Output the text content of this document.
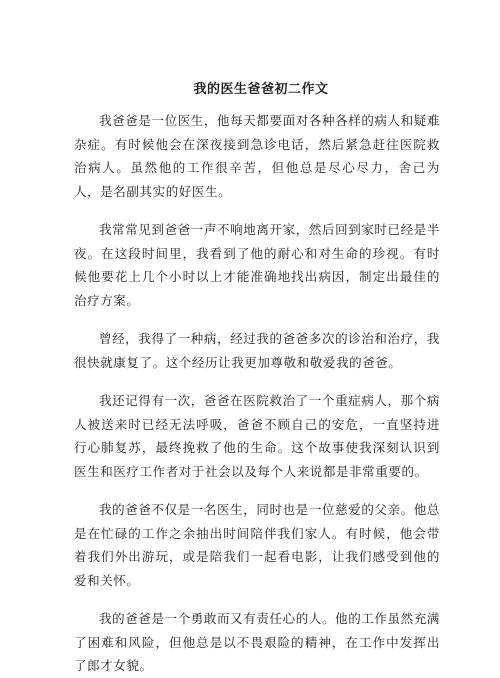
我的医生爸爸初二作文

我爸爸是一位医生，他每天都要面对各种各样的病人和疑难杂症。有时候他会在深夜接到急诊电话，然后紧急赶往医院救治病人。虽然他的工作很辛苦，但他总是尽心尽力，舍己为人，是名副其实的好医生。

我常常见到爸爸一声不响地离开家，然后回到家时已经是半夜。在这段时间里，我看到了他的耐心和对生命的珍视。有时候他要花上几个小时以上才能准确地找出病因，制定出最佳的治疗方案。

曾经，我得了一种病，经过我的爸爸多次的诊治和治疗，我很快就康复了。这个经历让我更加尊敬和敬爱我的爸爸。

我还记得有一次，爸爸在医院救治了一个重症病人，那个病人被送来时已经无法呼吸，爸爸不顾自己的安危，一直坚持进行心肺复苏，最终挽救了他的生命。这个故事使我深刻认识到医生和医疗工作者对于社会以及每个人来说都是非常重要的。

我的爸爸不仅是一名医生，同时也是一位慈爱的父亲。他总是在忙碌的工作之余抽出时间陪伴我们家人。有时候，他会带着我们外出游玩，或是陪我们一起看电影，让我们感受到他的爱和关怀。

我的爸爸是一个勇敢而又有责任心的人。他的工作虽然充满了困难和风险，但他总是以不畏艰险的精神，在工作中发挥出了郎才女貌。
